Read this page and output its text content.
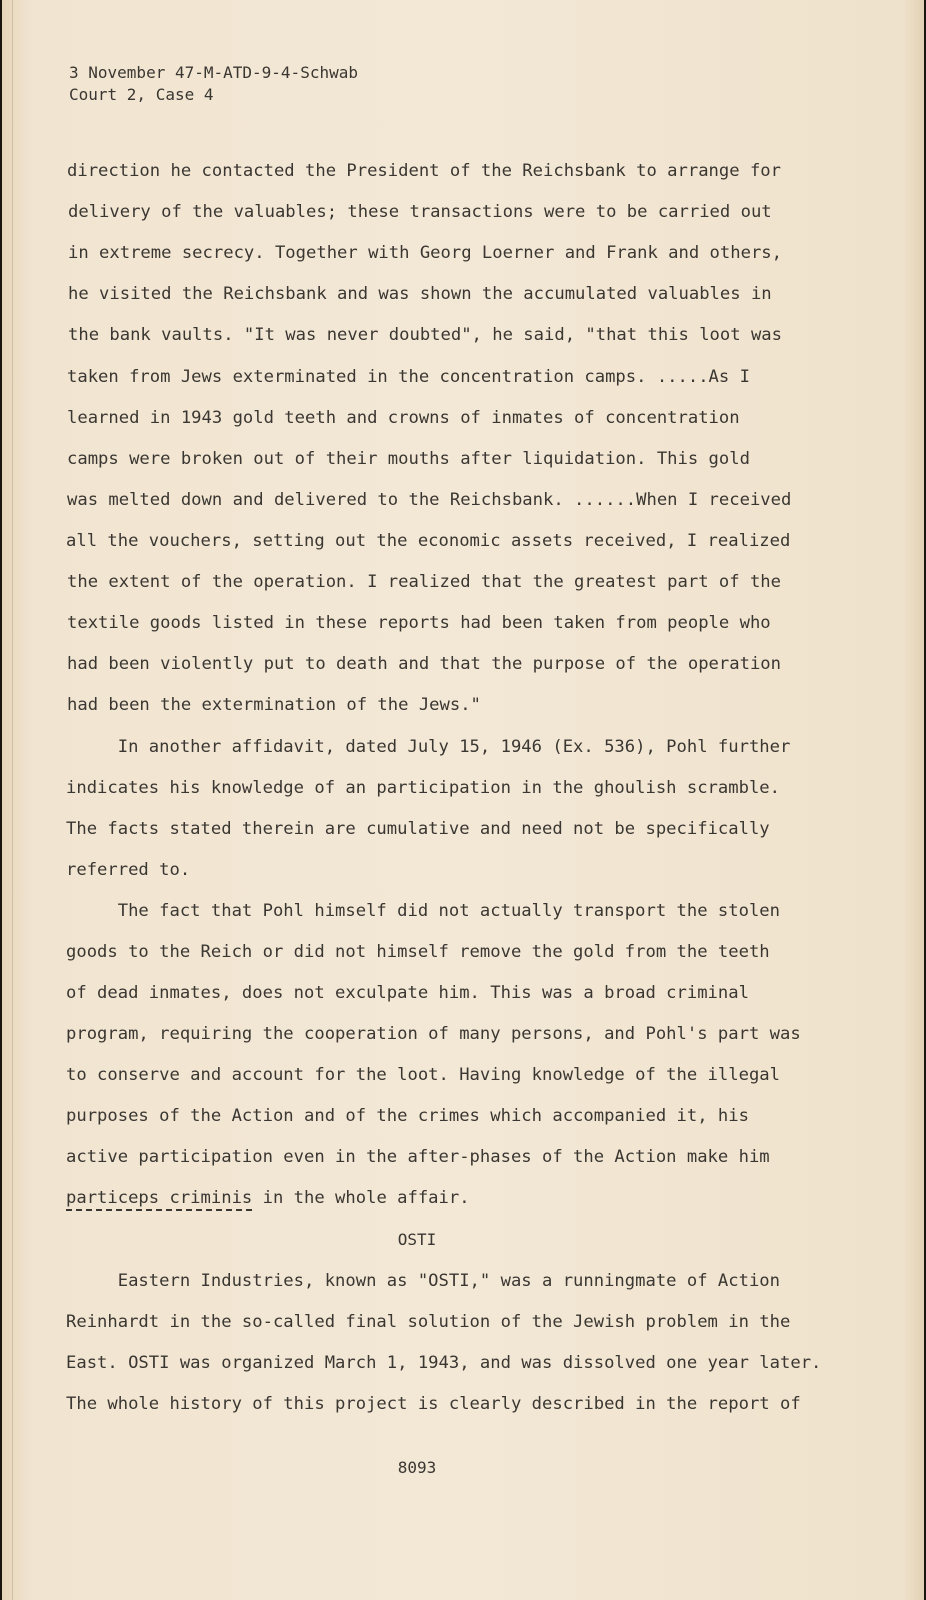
3 November 47-M-ATD-9-4-Schwab
Court 2, Case 4
direction he contacted the President of the Reichsbank to arrange for
delivery of the valuables; these transactions were to be carried out
in extreme secrecy. Together with Georg Loerner and Frank and others,
he visited the Reichsbank and was shown the accumulated valuables in
the bank vaults. "It was never doubted", he said, "that this loot was
taken from Jews exterminated in the concentration camps. .....As I
learned in 1943 gold teeth and crowns of inmates of concentration
camps were broken out of their mouths after liquidation. This gold
was melted down and delivered to the Reichsbank. ......When I received
all the vouchers, setting out the economic assets received, I realized
the extent of the operation. I realized that the greatest part of the
textile goods listed in these reports had been taken from people who
had been violently put to death and that the purpose of the operation
had been the extermination of the Jews."
In another affidavit, dated July 15, 1946 (Ex. 536), Pohl further
indicates his knowledge of an participation in the ghoulish scramble.
The facts stated therein are cumulative and need not be specifically
referred to.
The fact that Pohl himself did not actually transport the stolen
goods to the Reich or did not himself remove the gold from the teeth
of dead inmates, does not exculpate him. This was a broad criminal
program, requiring the cooperation of many persons, and Pohl's part was
to conserve and account for the loot. Having knowledge of the illegal
purposes of the Action and of the crimes which accompanied it, his
active participation even in the after-phases of the Action make him
particeps criminis in the whole affair.
OSTI
Eastern Industries, known as "OSTI," was a runningmate of Action
Reinhardt in the so-called final solution of the Jewish problem in the
East. OSTI was organized March 1, 1943, and was dissolved one year later.
The whole history of this project is clearly described in the report of
8093
